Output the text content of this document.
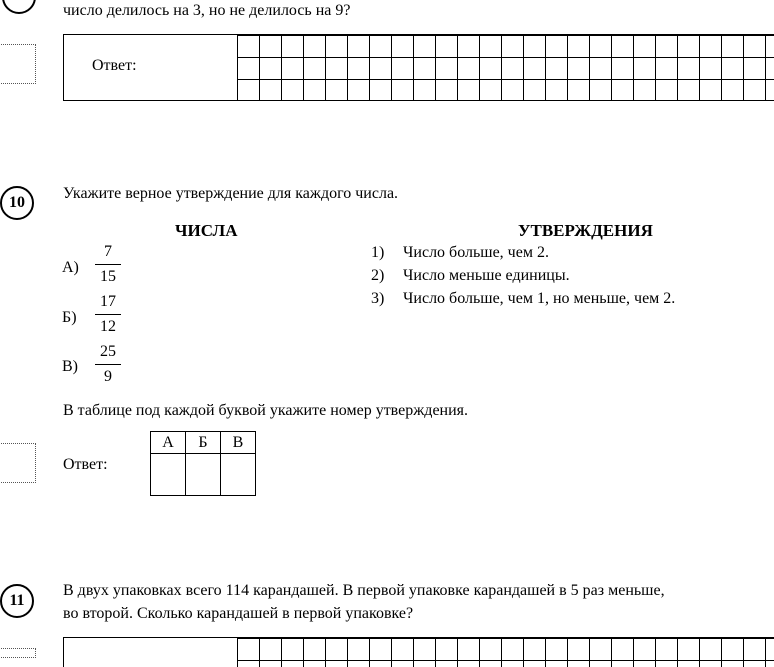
число делилось на 3, но не делилось на 9?
Ответ:
10
Укажите верное утверждение для каждого числа.
ЧИСЛА	УТВЕРЖДЕНИЯ
А)
7
15
Б)
17
12
В)
25
9
1) Число больше, чем 2.
2) Число меньше единицы.
3) Число больше, чем 1, но меньше, чем 2.
В таблице под каждой буквой укажите номер утверждения.
Ответ:
А	Б	В

11
В двух упаковках всего 114 карандашей. В первой упаковке карандашей в 5 раз меньше,
во второй. Сколько карандашей в первой упаковке?
